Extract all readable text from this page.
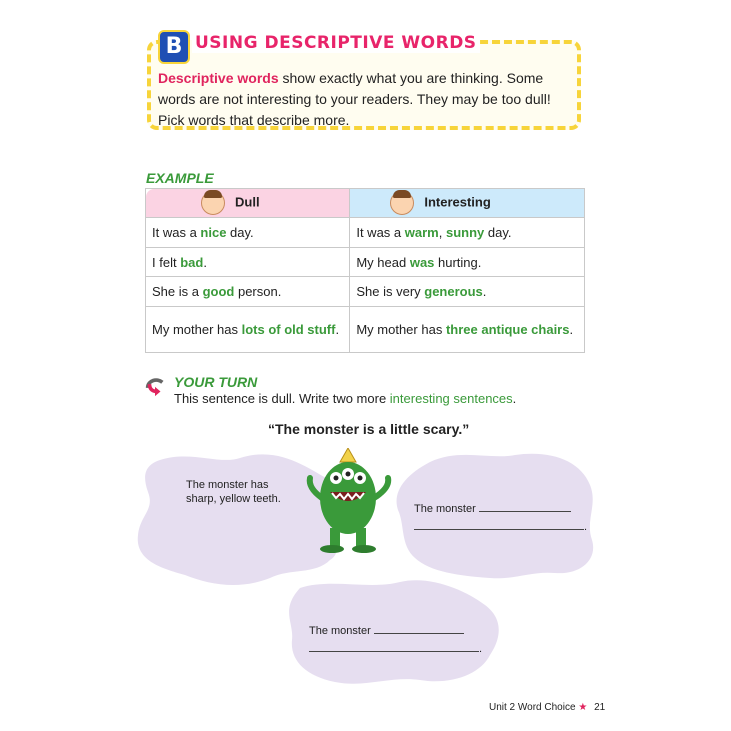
B USING DESCRIPTIVE WORDS
Descriptive words show exactly what you are thinking. Some words are not interesting to your readers. They may be too dull! Pick words that describe more.
EXAMPLE
Dull	Interesting
It was a nice day.	It was a warm, sunny day.
I felt bad.	My head was hurting.
She is a good person.	She is very generous.
My mother has lots of old stuff.	My mother has three antique chairs.
YOUR TURN
This sentence is dull. Write two more interesting sentences.
“The monster is a little scary.”
The monster has
sharp, yellow teeth.
The monster
.
The monster
.
Unit 2 Word Choice ★ 21
